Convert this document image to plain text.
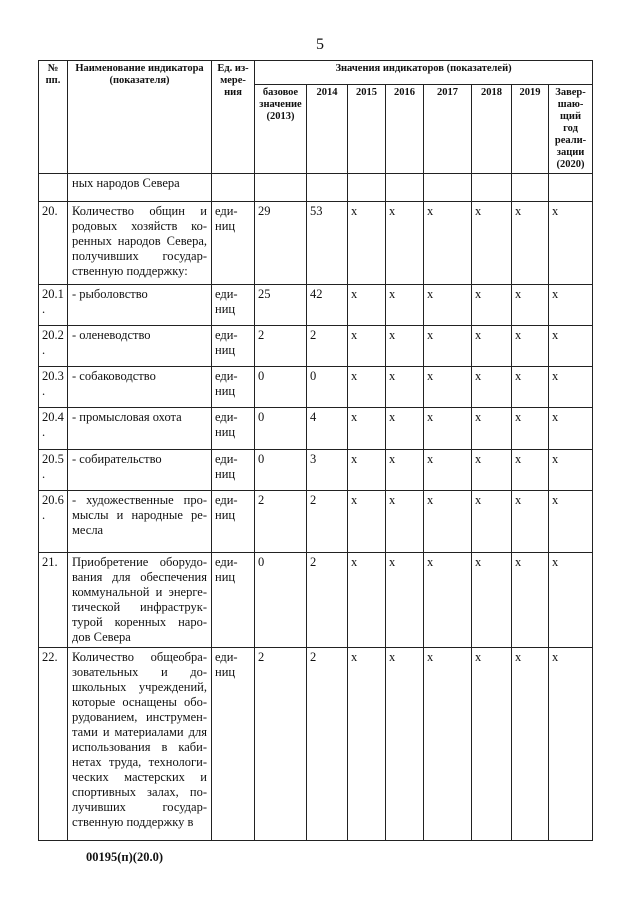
5
№ пп.	Наименование индикатора (показателя)	Ед. из-мере-ния	Значения индикаторов (показателей)							
			базовое значение (2013)	2014	2015	2016	2017	2018	2019	Завер-шаю-щий год реали-зации (2020)
	ных народов Севера									
20.	Количество общин и родовых хозяйств ко-ренных народов Севера, получивших государ-ственную поддержку:	еди-ниц	29	53	x	x	x	x	x	x
20.1 .	- рыболовство	еди-ниц	25	42	x	x	x	x	x	x
20.2 .	- оленеводство	еди-ниц	2	2	x	x	x	x	x	x
20.3 .	- собаководство	еди-ниц	0	0	x	x	x	x	x	x
20.4 .	- промысловая охота	еди-ниц	0	4	x	x	x	x	x	x
20.5 .	- собирательство	еди-ниц	0	3	x	x	x	x	x	x
20.6 .	- художественные про-мыслы и народные ре-месла	еди-ниц	2	2	x	x	x	x	x	x
21.	Приобретение оборудо-вания для обеспечения коммунальной и энерге-тической инфраструк-турой коренных наро-дов Севера	еди-ниц	0	2	x	x	x	x	x	x
22.	Количество общеобра-зовательных и до-школьных учреждений, которые оснащены обо-рудованием, инструмен-тами и материалами для использования в каби-нетах труда, технологи-ческих мастерских и спортивных залах, по-лучивших государ-ственную поддержку в	еди-ниц	2	2	x	x	x	x	x	x
00195(п)(20.0)
